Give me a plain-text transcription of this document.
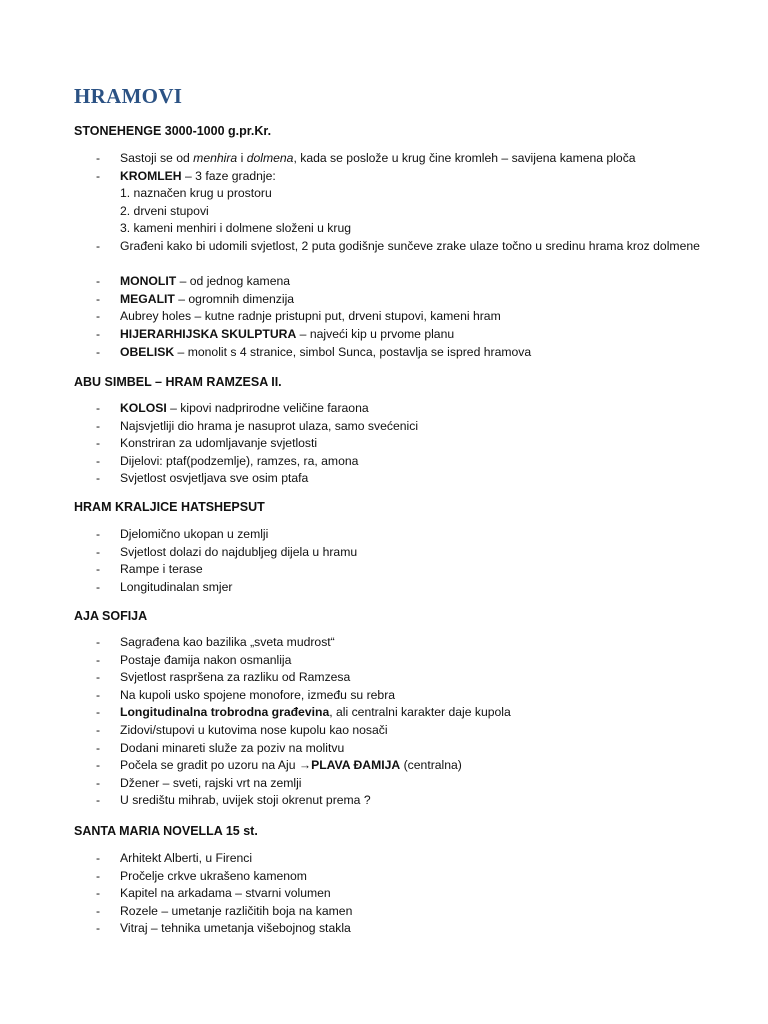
HRAMOVI
STONEHENGE 3000-1000 g.pr.Kr.
- Sastoji se od menhira i dolmena, kada se poslože u krug čine kromleh – savijena kamena ploča
- KROMLEH – 3 faze gradnje:
1. naznačen krug u prostoru
2. drveni stupovi
3. kameni menhiri i dolmene složeni u krug
- Građeni kako bi udomili svjetlost, 2 puta godišnje sunčeve zrake ulaze točno u sredinu hrama kroz dolmene
- MONOLIT – od jednog kamena
- MEGALIT – ogromnih dimenzija
- Aubrey holes – kutne radnje pristupni put, drveni stupovi, kameni hram
- HIJERARHIJSKA SKULPTURA – najveći kip u prvome planu
- OBELISK – monolit s 4 stranice, simbol Sunca, postavlja se ispred hramova
ABU SIMBEL – HRAM RAMZESA II.
- KOLOSI – kipovi nadprirodne veličine faraona
- Najsvjetliji dio hrama je nasuprot ulaza, samo svećenici
- Konstriran za udomljavanje svjetlosti
- Dijelovi: ptaf(podzemlje), ramzes, ra, amona
- Svjetlost osvjetljava sve osim ptafa
HRAM KRALJICE HATSHEPSUT
- Djelomično ukopan u zemlji
- Svjetlost dolazi do najdubljeg dijela u hramu
- Rampe i terase
- Longitudinalan smjer
AJA SOFIJA
- Sagrađena kao bazilika „sveta mudrost“
- Postaje đamija nakon osmanlija
- Svjetlost raspršena za razliku od Ramzesa
- Na kupoli usko spojene monofore, između su rebra
- Longitudinalna trobrodna građevina, ali centralni karakter daje kupola
- Zidovi/stupovi u kutovima nose kupolu kao nosači
- Dodani minareti služe za poziv na molitvu
- Počela se gradit po uzoru na Aju →PLAVA ĐAMIJA (centralna)
- Džener – sveti, rajski vrt na zemlji
- U središtu mihrab, uvijek stoji okrenut prema ?
SANTA MARIA NOVELLA 15 st.
- Arhitekt Alberti, u Firenci
- Pročelje crkve ukrašeno kamenom
- Kapitel na arkadama – stvarni volumen
- Rozele – umetanje različitih boja na kamen
- Vitraj – tehnika umetanja višebojnog stakla
